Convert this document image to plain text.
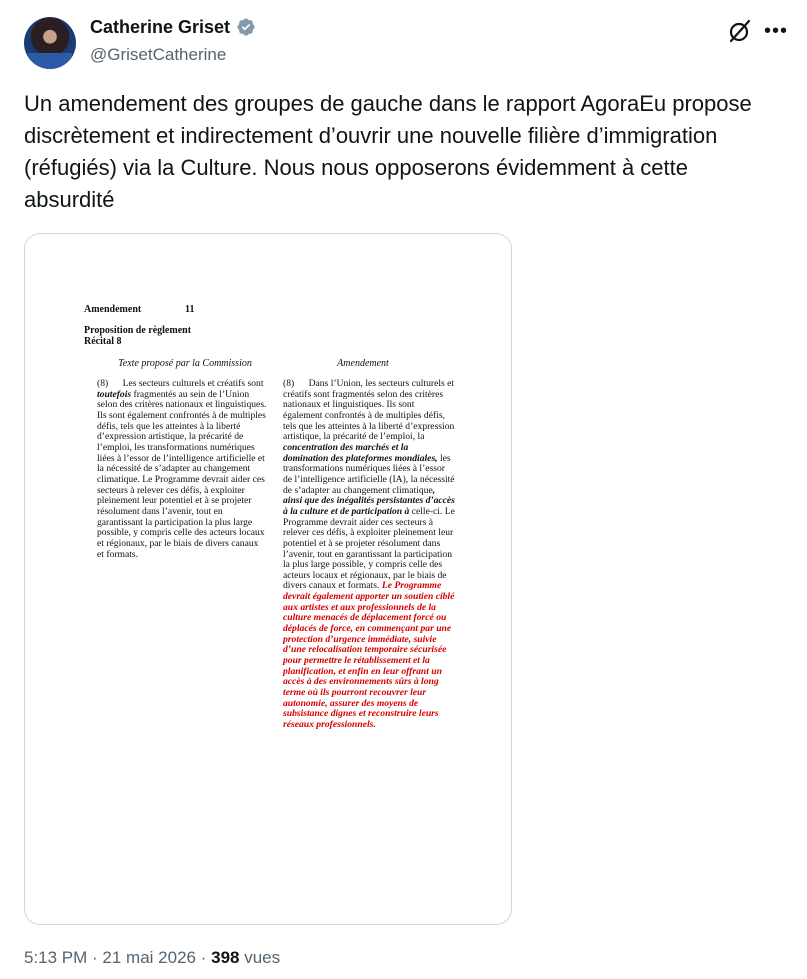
Catherine Griset
@GrisetCatherine
•••
Un amendement des groupes de gauche dans le rapport AgoraEu propose discrètement et indirectement d’ouvrir une nouvelle filière d’immigration (réfugiés) via la Culture. Nous nous opposerons évidemment à cette absurdité
Amendement	11
Proposition de règlement
Récital 8
Texte proposé par la Commission	Amendement
(8) Les secteurs culturels et créatifs sont toutefois fragmentés au sein de l’Union selon des critères nationaux et linguistiques. Ils sont également confrontés à de multiples défis, tels que les atteintes à la liberté d’expression artistique, la précarité de l’emploi, les transformations numériques liées à l’essor de l’intelligence artificielle et la nécessité de s’adapter au changement climatique. Le Programme devrait aider ces secteurs à relever ces défis, à exploiter pleinement leur potentiel et à se projeter résolument dans l’avenir, tout en garantissant la participation la plus large possible, y compris celle des acteurs locaux et régionaux, par le biais de divers canaux et formats.
(8) Dans l’Union, les secteurs culturels et créatifs sont fragmentés selon des critères nationaux et linguistiques. Ils sont également confrontés à de multiples défis, tels que les atteintes à la liberté d’expression artistique, la précarité de l’emploi, la concentration des marchés et la domination des plateformes mondiales, les transformations numériques liées à l’essor de l’intelligence artificielle (IA), la nécessité de s’adapter au changement climatique, ainsi que des inégalités persistantes d’accès à la culture et de participation à celle-ci. Le Programme devrait aider ces secteurs à relever ces défis, à exploiter pleinement leur potentiel et à se projeter résolument dans l’avenir, tout en garantissant la participation la plus large possible, y compris celle des acteurs locaux et régionaux, par le biais de divers canaux et formats. Le Programme devrait également apporter un soutien ciblé aux artistes et aux professionnels de la culture menacés de déplacement forcé ou déplacés de force, en commençant par une protection d’urgence immédiate, suivie d’une relocalisation temporaire sécurisée pour permettre le rétablissement et la planification, et enfin en leur offrant un accès à des environnements sûrs à long terme où ils pourront recouvrer leur autonomie, assurer des moyens de subsistance dignes et reconstruire leurs réseaux professionnels.
5:13 PM · 21 mai 2026 · 398 vues
